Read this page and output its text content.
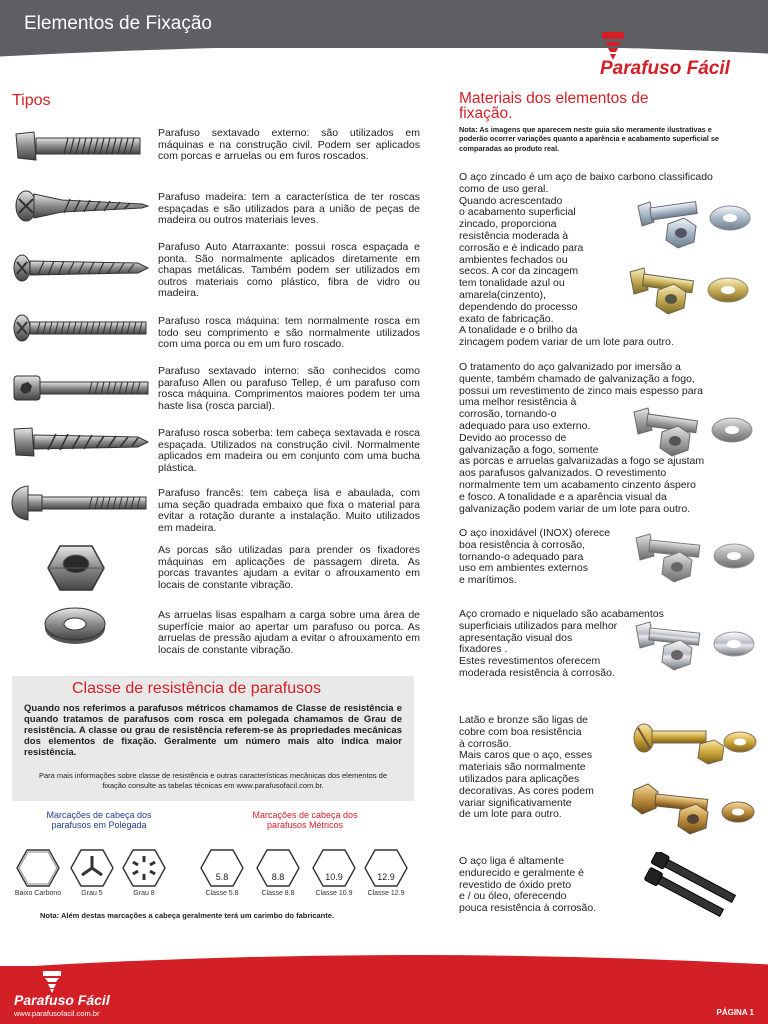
Elementos de Fixação
Parafuso Fácil
Tipos
Parafuso sextavado externo: são utilizados em máquinas e na construção civil. Podem ser aplicados com porcas e arruelas ou em furos roscados.
Parafuso madeira: tem a característica de ter roscas espaçadas e são utilizados para a união de peças de madeira ou outros materiais leves.
Parafuso Auto Atarraxante: possui rosca espaçada e ponta. São normalmente aplicados diretamente em chapas metálicas. Também podem ser utilizados em outros materiais como plástico, fibra de vidro ou madeira.
Parafuso rosca máquina: tem normalmente rosca em todo seu comprimento e são normalmente utilizados com uma porca ou em um furo roscado.
Parafuso sextavado interno: são conhecidos como parafuso Allen ou parafuso Tellep, é um parafuso com rosca máquina. Comprimentos maiores podem ter uma haste lisa (rosca parcial).
Parafuso rosca soberba: tem cabeça sextavada e rosca espaçada. Utilizados na construção civil. Normalmente aplicados em madeira ou em conjunto com uma bucha plástica.
Parafuso francês: tem cabeça lisa e abaulada, com uma seção quadrada embaixo que fixa o material para evitar a rotação durante a instalação. Muito utilizados em madeira.
As porcas são utilizadas para prender os fixadores máquinas em aplicações de passagem direta. As porcas travantes ajudam a evitar o afrouxamento em locais de constante vibração.
As arruelas lisas espalham a carga sobre uma área de superfície maior ao apertar um parafuso ou porca. As arruelas de pressão ajudam a evitar o afrouxamento em locais de constante vibração.
Classe de resistência de parafusos
Quando nos referimos a parafusos métricos chamamos de Classe de resistência e quando tratamos de parafusos com rosca em polegada chamamos de Grau de resistência. A classe ou grau de resistência referem-se às propriedades mecânicas dos elementos de fixação. Geralmente um número mais alto indica maior resistência.
Para mais informações sobre classe de resistência e outras características mecânicas dos elementos de fixação consulte as tabelas técnicas em www.parafusofacil.com.br.
Marcações de cabeça dos parafusos em Polegada
Marcações de cabeça dos parafusos Métricos
5.8	8.8	10.9	12.9
Baixo Carbono	Grau 5	Grau 8	Classe 5.8	Classe 8.8	Classe 10.9	Classe 12.9
Nota: Além destas marcações a cabeça geralmente terá um carimbo do fabricante.
Materiais dos elementos de fixação.
Nota: As imagens que aparecem neste guia são meramente ilustrativas e poderão ocorrer variações quanto a aparência e acabamento superficial se comparadas ao produto real.
O aço zincado é um aço de baixo carbono classificado
como de uso geral.
Quando acrescentado
o acabamento superficial
zincado, proporciona
resistência moderada à
corrosão e é indicado para
ambientes fechados ou
secos. A cor da zincagem
tem tonalidade azul ou
amarela(cinzento),
dependendo do processo
exato de fabricação.
A tonalidade e o brilho da
zincagem podem variar de um lote para outro.
O tratamento do aço galvanizado por imersão a
quente, também chamado de galvanização a fogo,
possui um revestimento de zinco mais espesso para
uma melhor resistência à
corrosão, tornando-o
adequado para uso externo.
Devido ao processo de
galvanização a fogo, somente
as porcas e arruelas galvanizadas a fogo se ajustam
aos parafusos galvanizados. O revestimento
normalmente tem um acabamento cinzento áspero
e fosco. A tonalidade e a aparência visual da
galvanização podem variar de um lote para outro.
O aço inoxidável (INOX) oferece
boa resistência à corrosão,
tornando-o adequado para
uso em ambientes externos
e marítimos.
Aço cromado e niquelado são acabamentos
superficiais utilizados para melhor
apresentação visual dos
fixadores .
Estes revestimentos oferecem
moderada resistência à corrosão.
Latão e bronze são ligas de
cobre com boa resistência
à corrosão.
Mais caros que o aço, esses
materiais são normalmente
utilizados para aplicações
decorativas. As cores podem
variar significativamente
de um lote para outro.
O aço liga é altamente
endurecido e geralmente é
revestido de óxido preto
e / ou óleo, oferecendo
pouca resistência à corrosão.
Parafuso Fácil
www.parafusofacil.com.br	PÁGINA 1
